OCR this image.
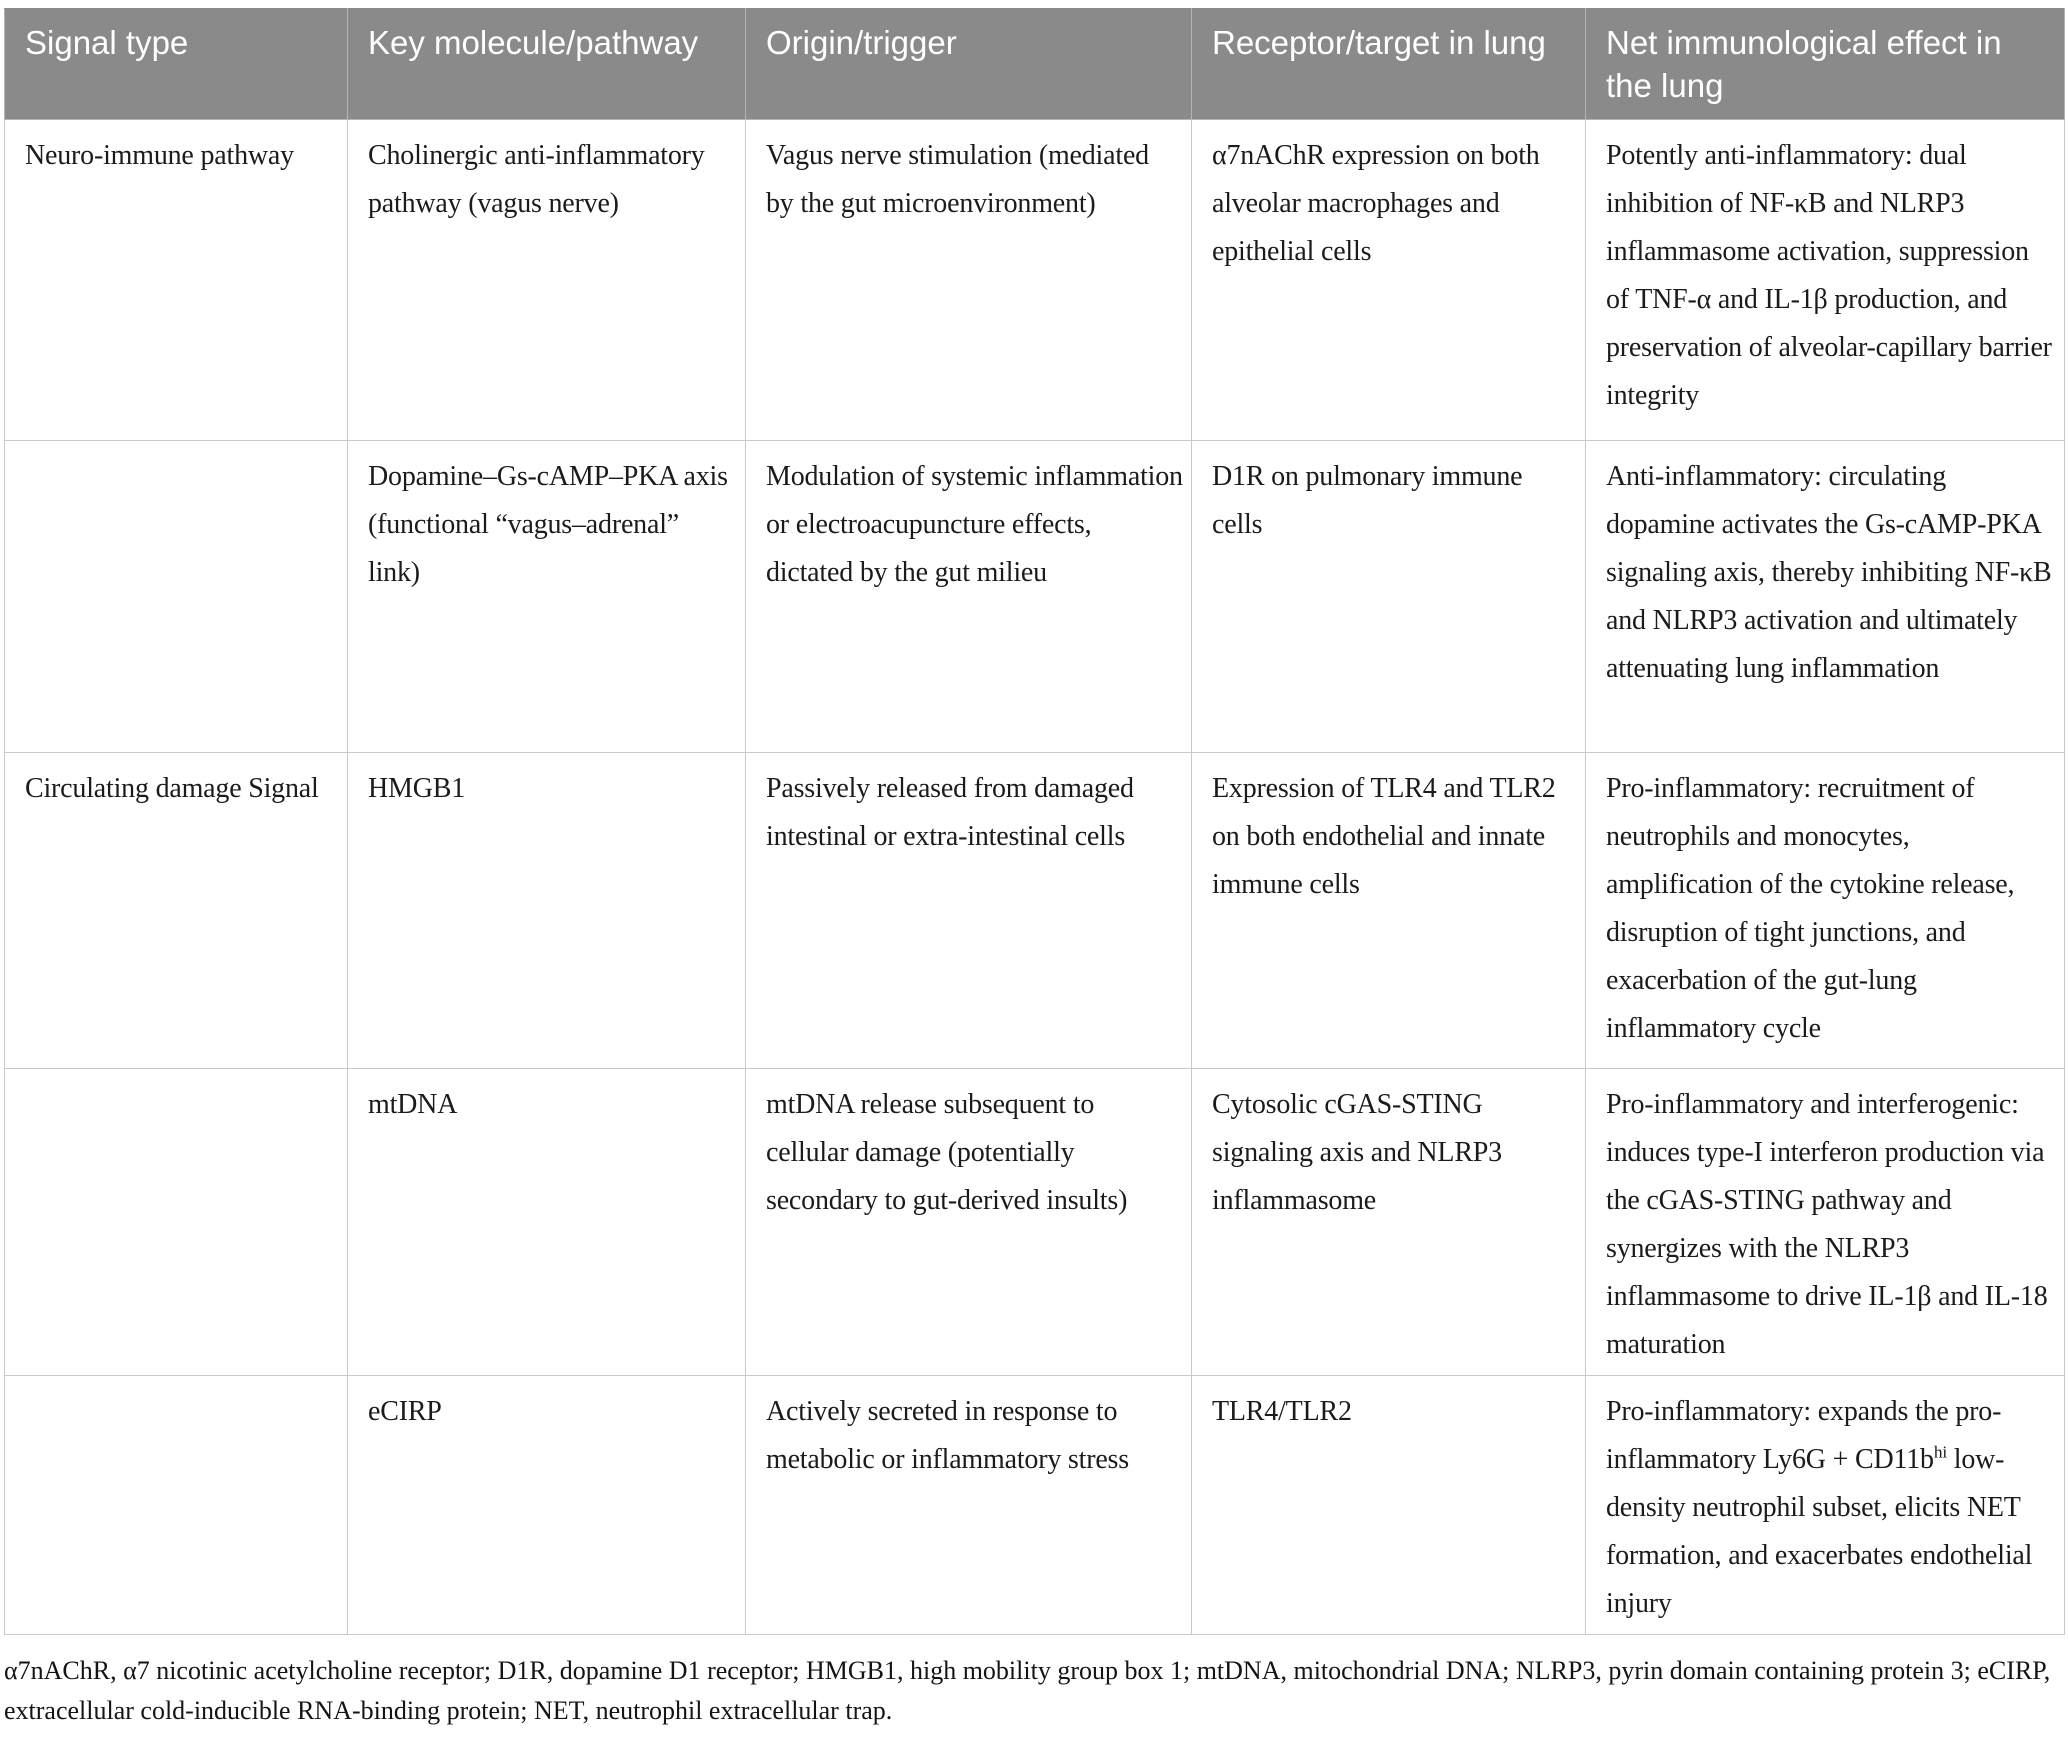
Signal type	Key molecule/pathway	Origin/trigger	Receptor/target in lung	Net immunological effect in the lung
Neuro-immune pathway	Cholinergic anti-inflammatory pathway (vagus nerve)	Vagus nerve stimulation (mediated by the gut microenvironment)	α7nAChR expression on both alveolar macrophages and epithelial cells	Potently anti-inflammatory: dual inhibition of NF-κB and NLRP3 inflammasome activation, suppression of TNF-α and IL-1β production, and preservation of alveolar-capillary barrier integrity
	Dopamine–Gs-cAMP–PKA axis (functional “vagus–adrenal” link)	Modulation of systemic inflammation or electroacupuncture effects, dictated by the gut milieu	D1R on pulmonary immune cells	Anti-inflammatory: circulating dopamine activates the Gs-cAMP-PKA signaling axis, thereby inhibiting NF-κB and NLRP3 activation and ultimately attenuating lung inflammation
Circulating damage Signal	HMGB1	Passively released from damaged intestinal or extra-intestinal cells	Expression of TLR4 and TLR2 on both endothelial and innate immune cells	Pro-inflammatory: recruitment of neutrophils and monocytes, amplification of the cytokine release, disruption of tight junctions, and exacerbation of the gut-lung inflammatory cycle
	mtDNA	mtDNA release subsequent to cellular damage (potentially secondary to gut-derived insults)	Cytosolic cGAS-STING signaling axis and NLRP3 inflammasome	Pro-inflammatory and interferogenic: induces type-I interferon production via the cGAS-STING pathway and synergizes with the NLRP3 inflammasome to drive IL-1β and IL-18 maturation
	eCIRP	Actively secreted in response to metabolic or inflammatory stress	TLR4/TLR2	Pro-inflammatory: expands the pro-inflammatory $Ly6G + CD11b^{hi}$ low-density neutrophil subset, elicits NET formation, and exacerbates endothelial injury

α7nAChR, α7 nicotinic acetylcholine receptor; D1R, dopamine D1 receptor; HMGB1, high mobility group box 1; mtDNA, mitochondrial DNA; NLRP3, pyrin domain containing protein 3; eCIRP, extracellular cold-inducible RNA-binding protein; NET, neutrophil extracellular trap.
